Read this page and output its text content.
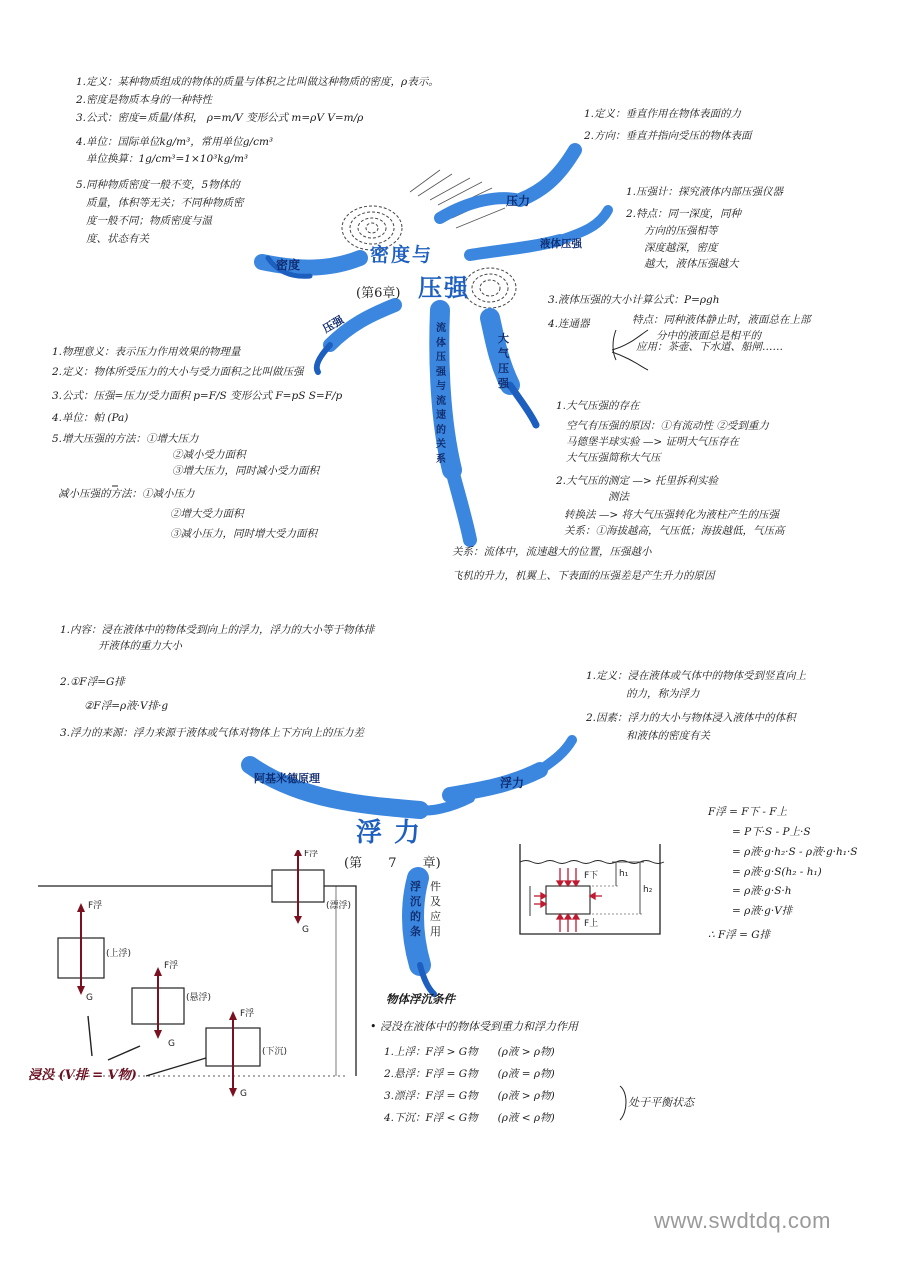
1.定义：某种物质组成的物体的质量与体积之比叫做这种物质的密度，ρ表示。
2.密度是物质本身的一种特性
3.公式：密度=质量/体积， ρ=m/V 变形公式 m=ρV V=m/ρ
4.单位：国际单位kg/m³，常用单位g/cm³
单位换算：1g/cm³=1×10³kg/m³
5.同种物质密度一般不变，5物体的
质量，体积等无关；不同种物质密
度一般不同；物质密度与温
度、状态有关
密度
1.定义：垂直作用在物体表面的力
2.方向：垂直并指向受压的物体表面
压力
1.压强计：探究液体内部压强仪器
2.特点：同一深度，同种
方向的压强相等
深度越深，密度
越大，液体压强越大
3.液体压强的大小计算公式：P=ρgh
特点：同种液体静止时，液面总在上部
分中的液面总是相平的
4.连通器
应用：茶壶、下水道、船闸……
液体压强
1.大气压强的存在
空气有压强的原因：①有流动性 ②受到重力
马德堡半球实验 —> 证明大气压存在
大气压强简称大气压
2.大气压的测定 —> 托里拆利实验
测法
转换法 —> 将大气压强转化为液柱产生的压强
关系：①海拔越高，气压低；海拔越低，气压高
大
气
压
强
流
体
压
强
与
流
速
的
关
系
关系：流体中，流速越大的位置，压强越小
飞机的升力，机翼上、下表面的压强差是产生升力的原因
1.物理意义：表示压力作用效果的物理量
2.定义：物体所受压力的大小与受力面积之比叫做压强
3.公式：压强=压力/受力面积 p=F/S 变形公式 F=pS S=F/p
4.单位：帕 (Pa)
5.增大压强的方法：①增大压力
②减小受力面积
③增大压力，同时减小受力面积
减小压强的方法：①减小压力
②增大受力面积
③减小压力，同时增大受力面积
压强
密度与
压强
(第6章)
1.内容：浸在液体中的物体受到向上的浮力，浮力的大小等于物体排
开液体的重力大小
2.①F浮=G排
②F浮=ρ液·V排·g
3.浮力的来源：浮力来源于液体或气体对物体上下方向上的压力差
阿基米德原理
1.定义：浸在液体或气体中的物体受到竖直向上
的力，称为浮力
2.因素：浮力的大小与物体浸入液体中的体积
和液体的密度有关
浮力
浮力
(第 7 章)
浮
沉
的
条
件
及
应
用
F浮 = F下 - F上
= P下·S - P上·S
= ρ液·g·h₂·S - ρ液·g·h₁·S
= ρ液·g·S(h₂ - h₁)
= ρ液·g·S·h
= ρ液·g·V排
∴ F浮 = G排
F下
F上
h₁
h₂
F浮
G
(漂浮)
F浮
G
(上浮)
F浮
G
(悬浮)
F浮
G
(下沉)
浸没 (V排 = V物)
物体浮沉条件
• 浸没在液体中的物体受到重力和浮力作用
1.上浮：F浮 > G物 (ρ液 > ρ物)
2.悬浮：F浮 = G物 (ρ液 = ρ物)
3.漂浮：F浮 = G物 (ρ液 > ρ物)
4.下沉：F浮 < G物 (ρ液 < ρ物)
处于平衡状态
www.swdtdq.com
